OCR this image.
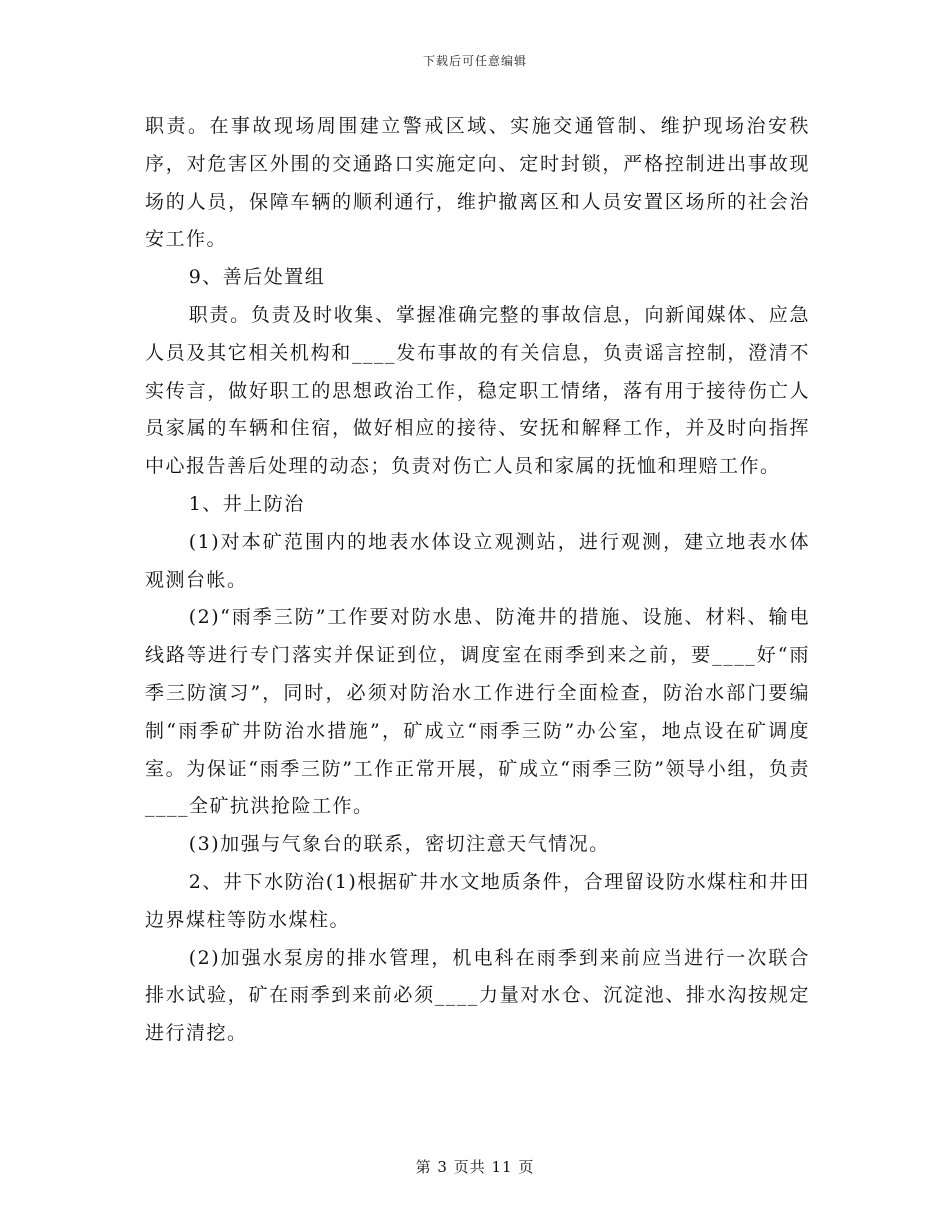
下载后可任意编辑

职责。在事故现场周围建立警戒区域、实施交通管制、维护现场治安秩序，对危害区外围的交通路口实施定向、定时封锁，严格控制进出事故现场的人员，保障车辆的顺利通行，维护撤离区和人员安置区场所的社会治安工作。

9、善后处置组

职责。负责及时收集、掌握准确完整的事故信息，向新闻媒体、应急人员及其它相关机构和____发布事故的有关信息，负责谣言控制，澄清不实传言，做好职工的思想政治工作，稳定职工情绪，落有用于接待伤亡人员家属的车辆和住宿，做好相应的接待、安抚和解释工作，并及时向指挥中心报告善后处理的动态；负责对伤亡人员和家属的抚恤和理赔工作。

1、井上防治

(1)对本矿范围内的地表水体设立观测站，进行观测，建立地表水体观测台帐。

(2)“雨季三防”工作要对防水患、防淹井的措施、设施、材料、输电线路等进行专门落实并保证到位，调度室在雨季到来之前，要____好“雨季三防演习”，同时，必须对防治水工作进行全面检查，防治水部门要编制“雨季矿井防治水措施”，矿成立“雨季三防”办公室，地点设在矿调度室。为保证“雨季三防”工作正常开展，矿成立“雨季三防”领导小组，负责____全矿抗洪抢险工作。

(3)加强与气象台的联系，密切注意天气情况。

2、井下水防治(1)根据矿井水文地质条件，合理留设防水煤柱和井田边界煤柱等防水煤柱。

(2)加强水泵房的排水管理，机电科在雨季到来前应当进行一次联合排水试验，矿在雨季到来前必须____力量对水仓、沉淀池、排水沟按规定进行清挖。

第 3 页共 11 页
